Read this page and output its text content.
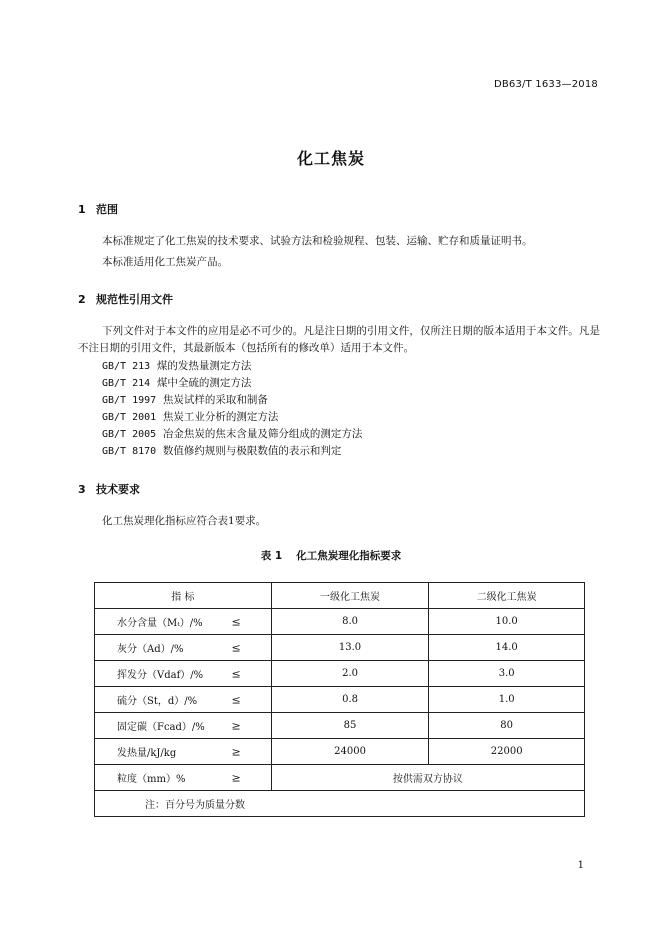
DB63/T 1633—2018
化工焦炭
1 范围
本标准规定了化工焦炭的技术要求、试验方法和检验规程、包装、运输、贮存和质量证明书。
本标准适用化工焦炭产品。
2 规范性引用文件
下列文件对于本文件的应用是必不可少的。凡是注日期的引用文件，仅所注日期的版本适用于本文件。凡是不注日期的引用文件，其最新版本（包括所有的修改单）适用于本文件。
GB/T 213 煤的发热量测定方法
GB/T 214 煤中全硫的测定方法
GB/T 1997 焦炭试样的采取和制备
GB/T 2001 焦炭工业分析的测定方法
GB/T 2005 冶金焦炭的焦末含量及筛分组成的测定方法
GB/T 8170 数值修约规则与极限数值的表示和判定
3 技术要求
化工焦炭理化指标应符合表1要求。
表 1 化工焦炭理化指标要求
指 标	一级化工焦炭	二级化工焦炭
水分含量（Mₜ）/% ≤	8.0	10.0
灰分（Ad）/% ≤	13.0	14.0
挥发分（Vdaf）/% ≤	2.0	3.0
硫分（St，d）/% ≤	0.8	1.0
固定碳（Fcad）/% ≥	85	80
发热量/kJ/kg ≥	24000	22000
粒度（mm）% ≥	按供需双方协议	
注：百分号为质量分数		
1
